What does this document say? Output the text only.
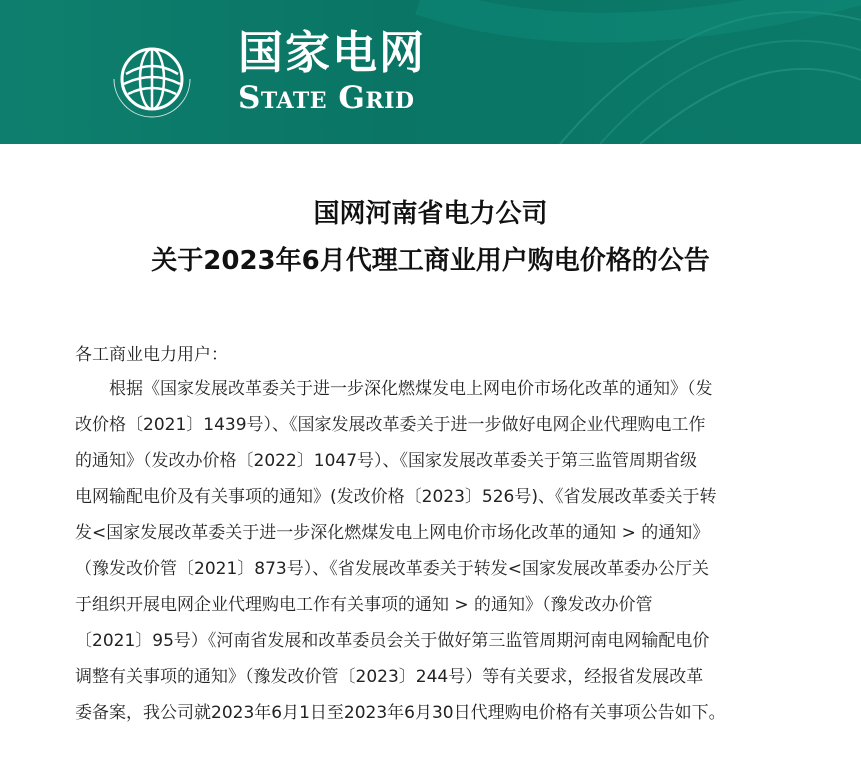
国家电网
State Grid
国网河南省电力公司
关于2023年6月代理工商业用户购电价格的公告
各工商业电力用户：
根据《国家发展改革委关于进一步深化燃煤发电上网电价市场化改革的通知》（发
改价格〔2021〕1439号）、《国家发展改革委关于进一步做好电网企业代理购电工作
的通知》（发改办价格〔2022〕1047号）、《国家发展改革委关于第三监管周期省级
电网输配电价及有关事项的通知》(发改价格〔2023〕526号)、《省发展改革委关于转
发<国家发展改革委关于进一步深化燃煤发电上网电价市场化改革的通知 > 的通知》
（豫发改价管〔2021〕873号）、《省发展改革委关于转发<国家发展改革委办公厅关
于组织开展电网企业代理购电工作有关事项的通知 > 的通知》（豫发改办价管
〔2021〕95号）《河南省发展和改革委员会关于做好第三监管周期河南电网输配电价
调整有关事项的通知》（豫发改价管〔2023〕244号）等有关要求，经报省发展改革
委备案，我公司就2023年6月1日至2023年6月30日代理购电价格有关事项公告如下。
